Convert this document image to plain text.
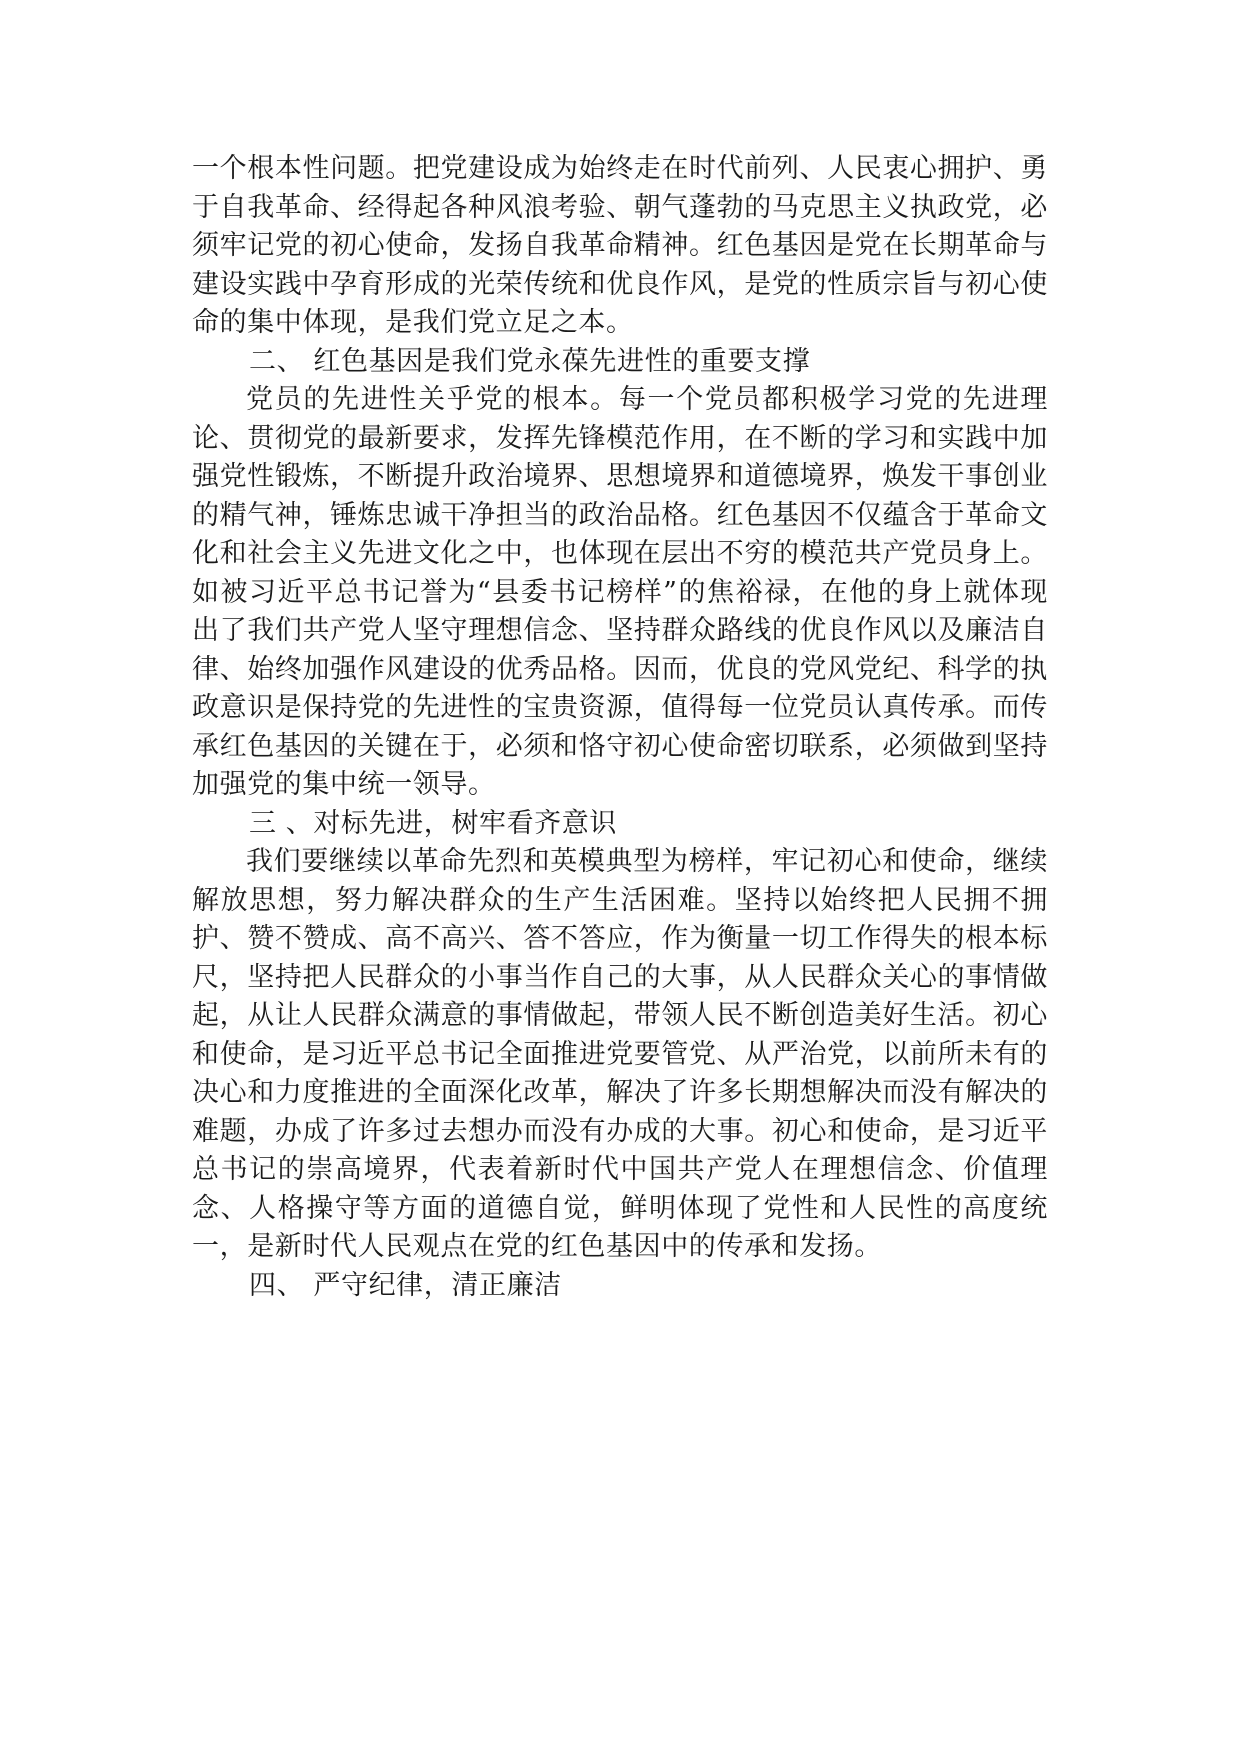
一个根本性问题。把党建设成为始终走在时代前列、人民衷心拥护、勇于自我革命、经得起各种风浪考验、朝气蓬勃的马克思主义执政党，必须牢记党的初心使命，发扬自我革命精神。红色基因是党在长期革命与建设实践中孕育形成的光荣传统和优良作风，是党的性质宗旨与初心使命的集中体现，是我们党立足之本。

二、 红色基因是我们党永葆先进性的重要支撑

党员的先进性关乎党的根本。每一个党员都积极学习党的先进理论、贯彻党的最新要求，发挥先锋模范作用，在不断的学习和实践中加强党性锻炼，不断提升政治境界、思想境界和道德境界，焕发干事创业的精气神，锤炼忠诚干净担当的政治品格。红色基因不仅蕴含于革命文化和社会主义先进文化之中，也体现在层出不穷的模范共产党员身上。如被习近平总书记誉为“县委书记榜样”的焦裕禄，在他的身上就体现出了我们共产党人坚守理想信念、坚持群众路线的优良作风以及廉洁自律、始终加强作风建设的优秀品格。因而，优良的党风党纪、科学的执政意识是保持党的先进性的宝贵资源，值得每一位党员认真传承。而传承红色基因的关键在于，必须和恪守初心使命密切联系，必须做到坚持加强党的集中统一领导。

三 、对标先进，树牢看齐意识

我们要继续以革命先烈和英模典型为榜样，牢记初心和使命，继续解放思想，努力解决群众的生产生活困难。坚持以始终把人民拥不拥护、赞不赞成、高不高兴、答不答应，作为衡量一切工作得失的根本标尺，坚持把人民群众的小事当作自己的大事，从人民群众关心的事情做起，从让人民群众满意的事情做起，带领人民不断创造美好生活。初心和使命，是习近平总书记全面推进党要管党、从严治党，以前所未有的决心和力度推进的全面深化改革，解决了许多长期想解决而没有解决的难题，办成了许多过去想办而没有办成的大事。初心和使命，是习近平总书记的崇高境界，代表着新时代中国共产党人在理想信念、价值理念、人格操守等方面的道德自觉，鲜明体现了党性和人民性的高度统一，是新时代人民观点在党的红色基因中的传承和发扬。

四、 严守纪律，清正廉洁
